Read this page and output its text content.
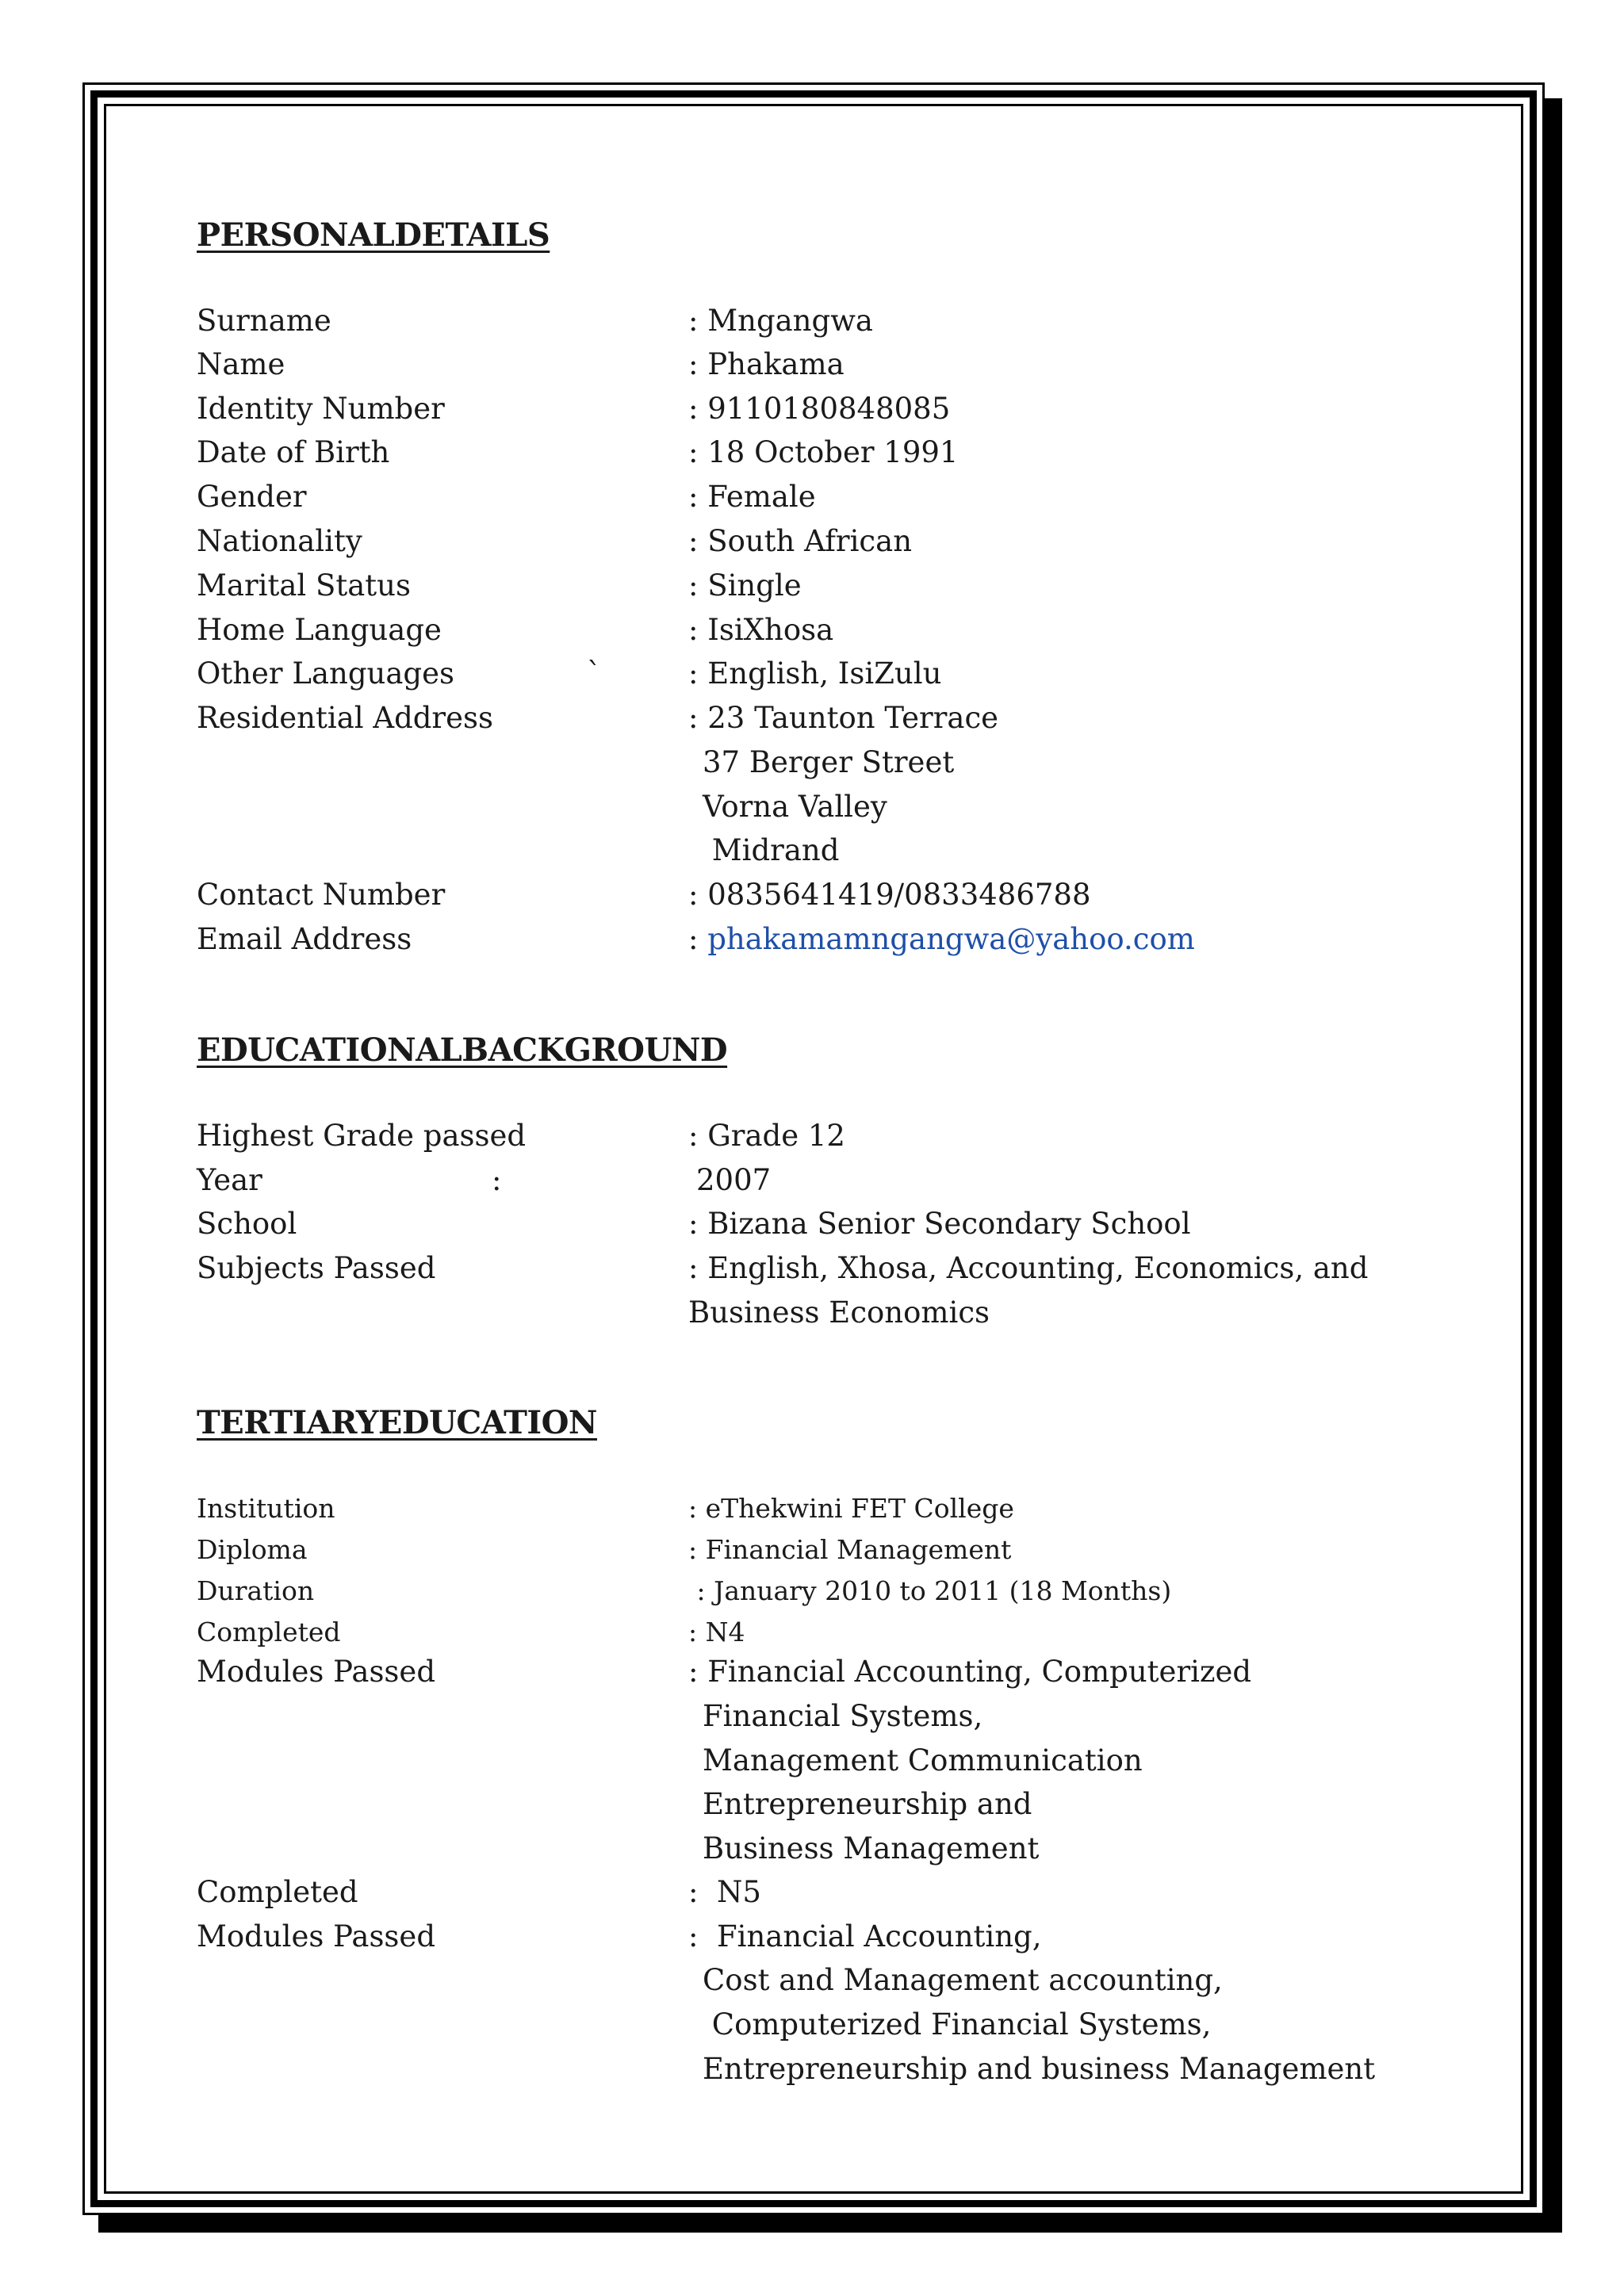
PERSONALDETAILS
Surname	: Mngangwa
Name	: Phakama
Identity Number	: 9110180848085
Date of Birth	: 18 October 1991
Gender	: Female
Nationality	: South African
Marital Status	: Single
Home Language	: IsiXhosa
Other Languages	`	: English, IsiZulu
Residential Address	: 23 Taunton Terrace
37 Berger Street
Vorna Valley
Midrand
Contact Number	: 0835641419/0833486788
Email Address	: phakamamngangwa@yahoo.com
EDUCATIONALBACKGROUND
Highest Grade passed	: Grade 12
Year	:	2007
School	: Bizana Senior Secondary School
Subjects Passed	: English, Xhosa, Accounting, Economics, and
Business Economics
TERTIARYEDUCATION
Institution	: eThekwini FET College
Diploma	: Financial Management
Duration	: January 2010 to 2011 (18 Months)
Completed	: N4
Modules Passed	: Financial Accounting, Computerized
Financial Systems,
Management Communication
Entrepreneurship and
Business Management
Completed	:  N5
Modules Passed	:  Financial Accounting,
Cost and Management accounting,
Computerized Financial Systems,
Entrepreneurship and business Management
